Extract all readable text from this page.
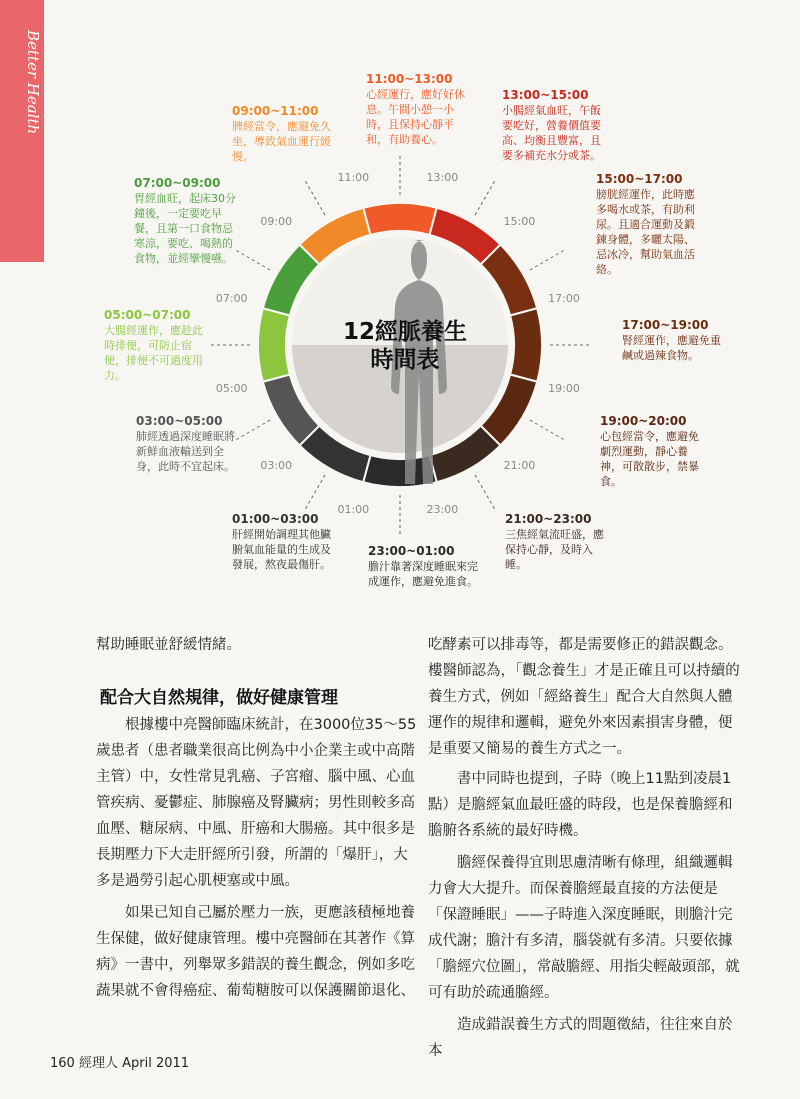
Better Health
12經脈養生
時間表
11:00	13:00
15:00
17:00
19:00
21:00
23:00
01:00
03:00
05:00
07:00
09:00
11:00~13:00
心經運行，應好好休息。午間小憩一小時，且保持心靜平和，有助養心。
13:00~15:00
小腸經氣血旺，午飯要吃好，營養價值要高、均衡且豐富，且要多補充水分或茶。
15:00~17:00
膀胱經運作，此時應多喝水或茶，有助利尿。且適合運動及鍛鍊身體，多曬太陽、忌冰冷，幫助氣血活絡。
17:00~19:00
腎經運作，應避免重鹹或過辣食物。
19:00~20:00
心包經當令，應避免劇烈運動，靜心養神，可散散步，禁暴食。
21:00~23:00
三焦經氣流旺盛，應保持心靜，及時入睡。
23:00~01:00
膽汁靠著深度睡眠來完成運作，應避免進食。
01:00~03:00
肝經開始調理其他臟腑氣血能量的生成及發展，熬夜最傷肝。
03:00~05:00
肺經透過深度睡眠將新鮮血液輸送到全身，此時不宜起床。
05:00~07:00
大腸經運作，應趁此時排便，可防止宿便，排便不可過度用力。
07:00~09:00
胃經血旺，起床30分鐘後，一定要吃早餐，且第一口食物忌寒涼，要吃、喝熱的食物，並經攣慢嚥。
09:00~11:00
脾經當令，應避免久坐，導致氣血運行緩慢。
幫助睡眠並舒緩情緒。
配合大自然規律，做好健康管理

根據樓中亮醫師臨床統計，在3000位35～55歲患者（患者職業很高比例為中小企業主或中高階主管）中，女性常見乳癌、子宮瘤、腦中風、心血管疾病、憂鬱症、肺腺癌及腎臟病；男性則較多高血壓、糖尿病、中風、肝癌和大腸癌。其中很多是長期壓力下大走肝經所引發，所謂的「爆肝」，大多是過勞引起心肌梗塞或中風。

如果已知自己屬於壓力一族，更應該積極地養生保健，做好健康管理。樓中亮醫師在其著作《算病》一書中，列舉眾多錯誤的養生觀念，例如多吃蔬果就不會得癌症、葡萄糖胺可以保護關節退化、

吃酵素可以排毒等，都是需要修正的錯誤觀念。樓醫師認為，「觀念養生」才是正確且可以持續的養生方式，例如「經絡養生」配合大自然與人體運作的規律和邏輯，避免外來因素損害身體，便是重要又簡易的養生方式之一。

書中同時也提到，子時（晚上11點到凌晨1點）是膽經氣血最旺盛的時段，也是保養膽經和膽腑各系統的最好時機。

膽經保養得宜則思慮清晰有條理，組織邏輯力會大大提升。而保養膽經最直接的方法便是「保證睡眠」——子時進入深度睡眠，則膽汁完成代謝；膽汁有多清，腦袋就有多清。只要依據「膽經穴位圖」，常敲膽經、用指尖輕敲頭部，就可有助於疏通膽經。

造成錯誤養生方式的問題徵結，往往來自於本

160 經理人 April 2011
